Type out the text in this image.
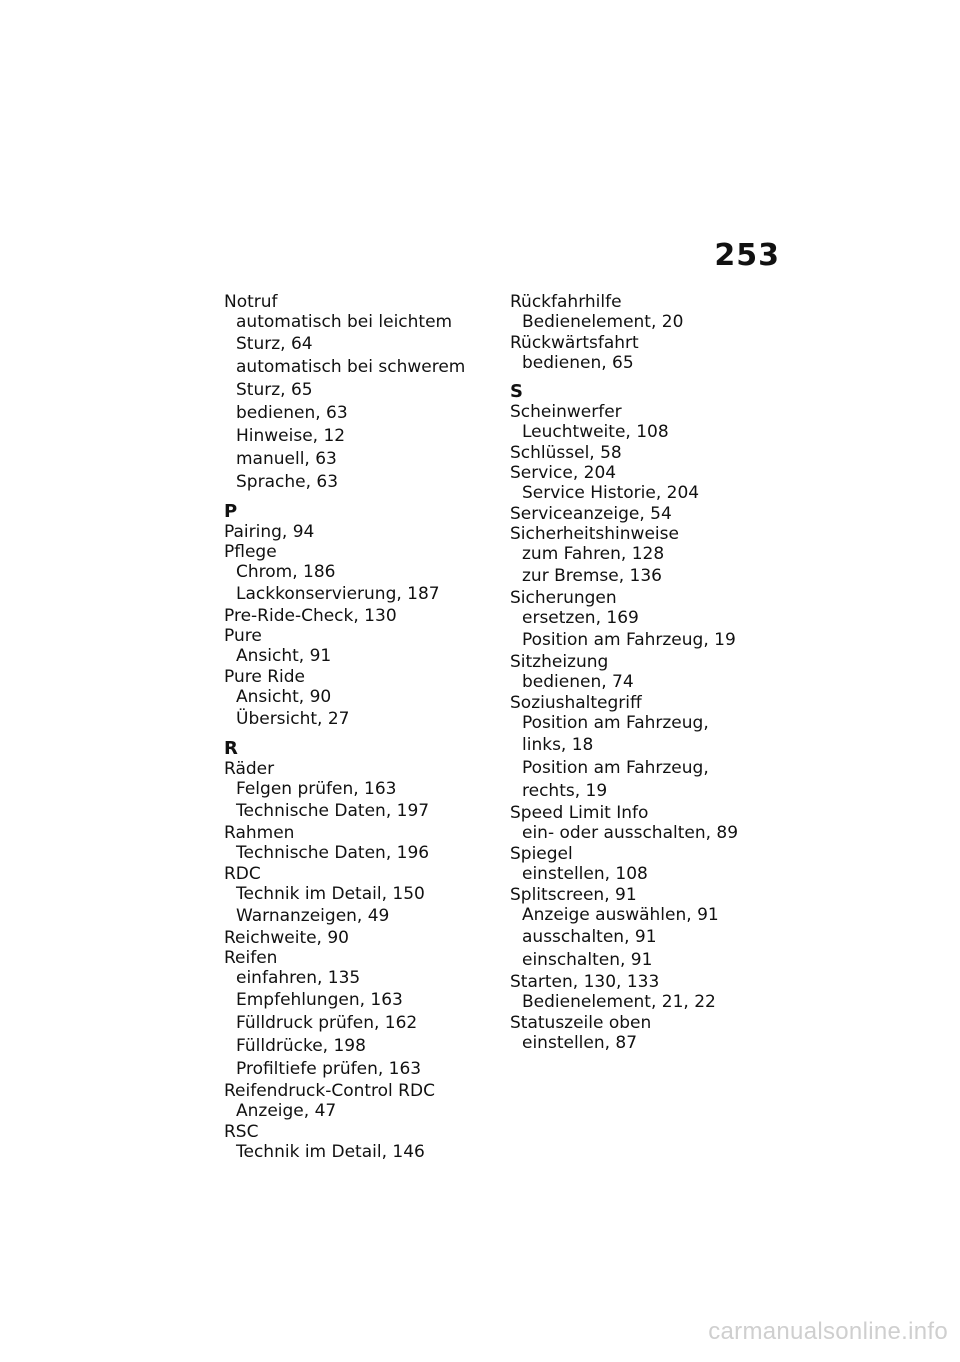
253
Notruf
automatisch bei leichtem
Sturz, 64
automatisch bei schwerem
Sturz, 65
bedienen, 63
Hinweise, 12
manuell, 63
Sprache, 63
P
Pairing, 94
Pflege
Chrom, 186
Lackkonservierung, 187
Pre-Ride-Check, 130
Pure
Ansicht, 91
Pure Ride
Ansicht, 90
Übersicht, 27
R
Räder
Felgen prüfen, 163
Technische Daten, 197
Rahmen
Technische Daten, 196
RDC
Technik im Detail, 150
Warnanzeigen, 49
Reichweite, 90
Reifen
einfahren, 135
Empfehlungen, 163
Fülldruck prüfen, 162
Fülldrücke, 198
Profiltiefe prüfen, 163
Reifendruck-Control RDC
Anzeige, 47
RSC
Technik im Detail, 146
Rückfahrhilfe
Bedienelement, 20
Rückwärtsfahrt
bedienen, 65
S
Scheinwerfer
Leuchtweite, 108
Schlüssel, 58
Service, 204
Service Historie, 204
Serviceanzeige, 54
Sicherheitshinweise
zum Fahren, 128
zur Bremse, 136
Sicherungen
ersetzen, 169
Position am Fahrzeug, 19
Sitzheizung
bedienen, 74
Soziushaltegriff
Position am Fahrzeug,
links, 18
Position am Fahrzeug,
rechts, 19
Speed Limit Info
ein- oder ausschalten, 89
Spiegel
einstellen, 108
Splitscreen, 91
Anzeige auswählen, 91
ausschalten, 91
einschalten, 91
Starten, 130, 133
Bedienelement, 21, 22
Statuszeile oben
einstellen, 87
carmanualsonline.info
